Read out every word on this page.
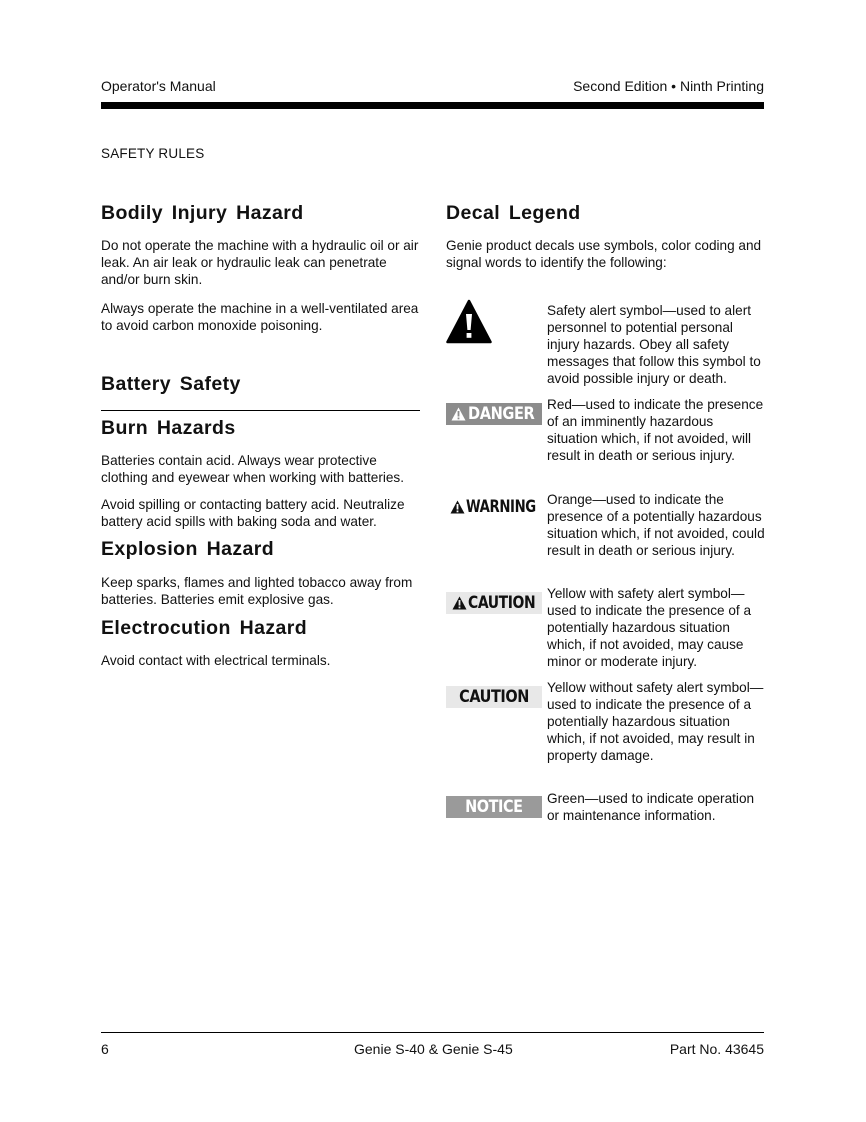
Operator's Manual	Second Edition • Ninth Printing
SAFETY RULES
Bodily Injury Hazard

Do not operate the machine with a hydraulic oil or air leak. An air leak or hydraulic leak can penetrate and/or burn skin.

Always operate the machine in a well-ventilated area to avoid carbon monoxide poisoning.

Battery Safety
Burn Hazards

Batteries contain acid. Always wear protective clothing and eyewear when working with batteries.

Avoid spilling or contacting battery acid. Neutralize battery acid spills with baking soda and water.

Explosion Hazard

Keep sparks, flames and lighted tobacco away from batteries. Batteries emit explosive gas.

Electrocution Hazard

Avoid contact with electrical terminals.

Decal Legend

Genie product decals use symbols, color coding and signal words to identify the following:

Safety alert symbol—used to alert personnel to potential personal injury hazards. Obey all safety messages that follow this symbol to avoid possible injury or death.
DANGER Red—used to indicate the presence of an imminently hazardous situation which, if not avoided, will result in death or serious injury.
WARNING Orange—used to indicate the presence of a potentially hazardous situation which, if not avoided, could result in death or serious injury.
CAUTION Yellow with safety alert symbol—used to indicate the presence of a potentially hazardous situation which, if not avoided, may cause minor or moderate injury.
CAUTION Yellow without safety alert symbol—used to indicate the presence of a potentially hazardous situation which, if not avoided, may result in property damage.
NOTICE Green—used to indicate operation or maintenance information.
6	Genie S-40 & Genie S-45	Part No. 43645
